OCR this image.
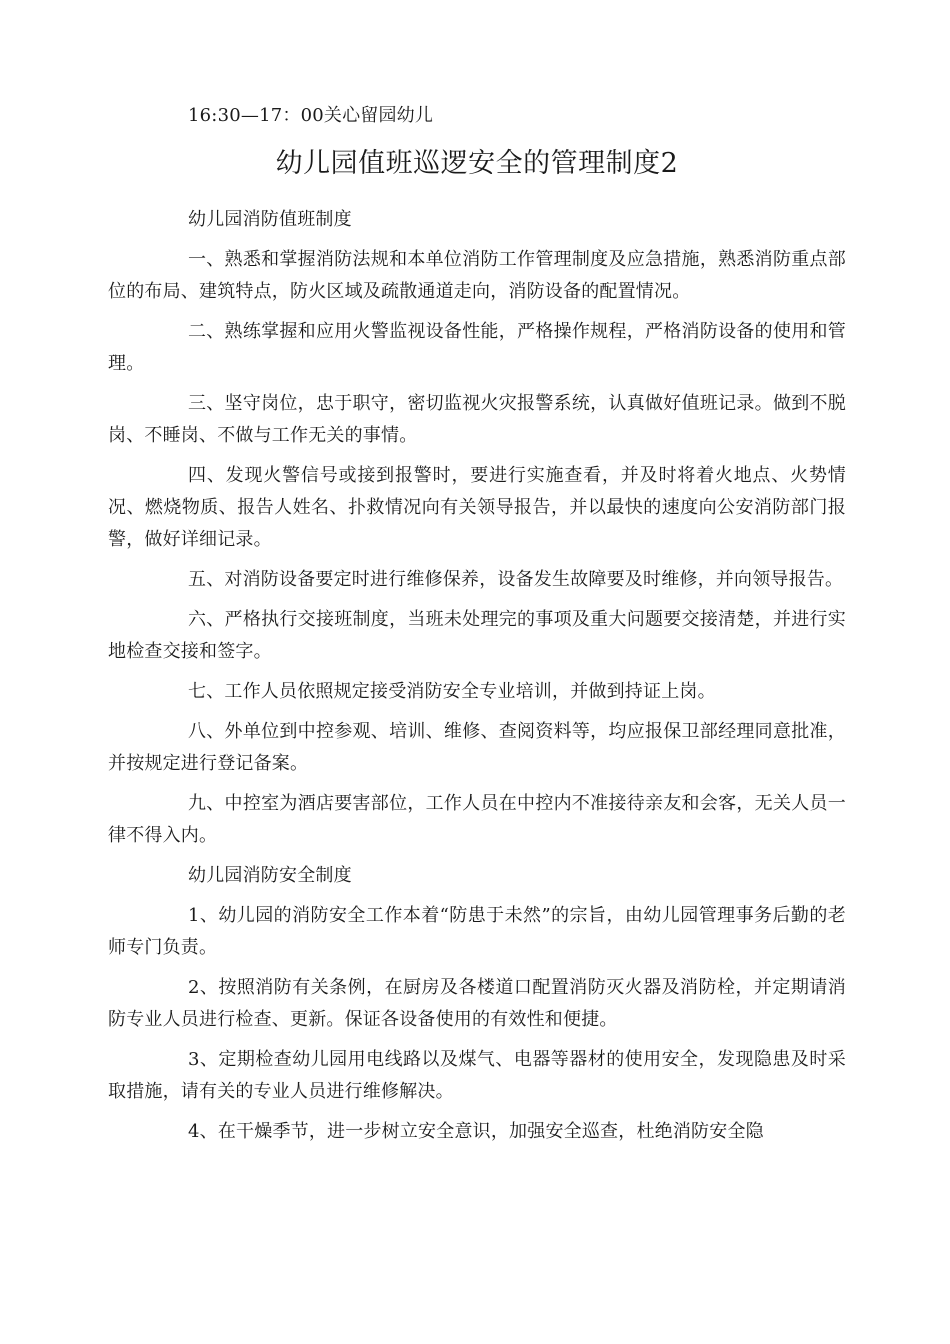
16:30—17：00关心留园幼儿

幼儿园值班巡逻安全的管理制度2

幼儿园消防值班制度

一、熟悉和掌握消防法规和本单位消防工作管理制度及应急措施，熟悉消防重点部位的布局、建筑特点，防火区域及疏散通道走向，消防设备的配置情况。

二、熟练掌握和应用火警监视设备性能，严格操作规程，严格消防设备的使用和管理。

三、坚守岗位，忠于职守，密切监视火灾报警系统，认真做好值班记录。做到不脱岗、不睡岗、不做与工作无关的事情。

四、发现火警信号或接到报警时，要进行实施查看，并及时将着火地点、火势情况、燃烧物质、报告人姓名、扑救情况向有关领导报告，并以最快的速度向公安消防部门报警，做好详细记录。

五、对消防设备要定时进行维修保养，设备发生故障要及时维修，并向领导报告。

六、严格执行交接班制度，当班未处理完的事项及重大问题要交接清楚，并进行实地检查交接和签字。

七、工作人员依照规定接受消防安全专业培训，并做到持证上岗。

八、外单位到中控参观、培训、维修、查阅资料等，均应报保卫部经理同意批准，并按规定进行登记备案。

九、中控室为酒店要害部位，工作人员在中控内不准接待亲友和会客，无关人员一律不得入内。

幼儿园消防安全制度

1、幼儿园的消防安全工作本着“防患于未然”的宗旨，由幼儿园管理事务后勤的老师专门负责。

2、按照消防有关条例，在厨房及各楼道口配置消防灭火器及消防栓，并定期请消防专业人员进行检查、更新。保证各设备使用的有效性和便捷。

3、定期检查幼儿园用电线路以及煤气、电器等器材的使用安全，发现隐患及时采取措施，请有关的专业人员进行维修解决。

4、在干燥季节，进一步树立安全意识，加强安全巡查，杜绝消防安全隐
